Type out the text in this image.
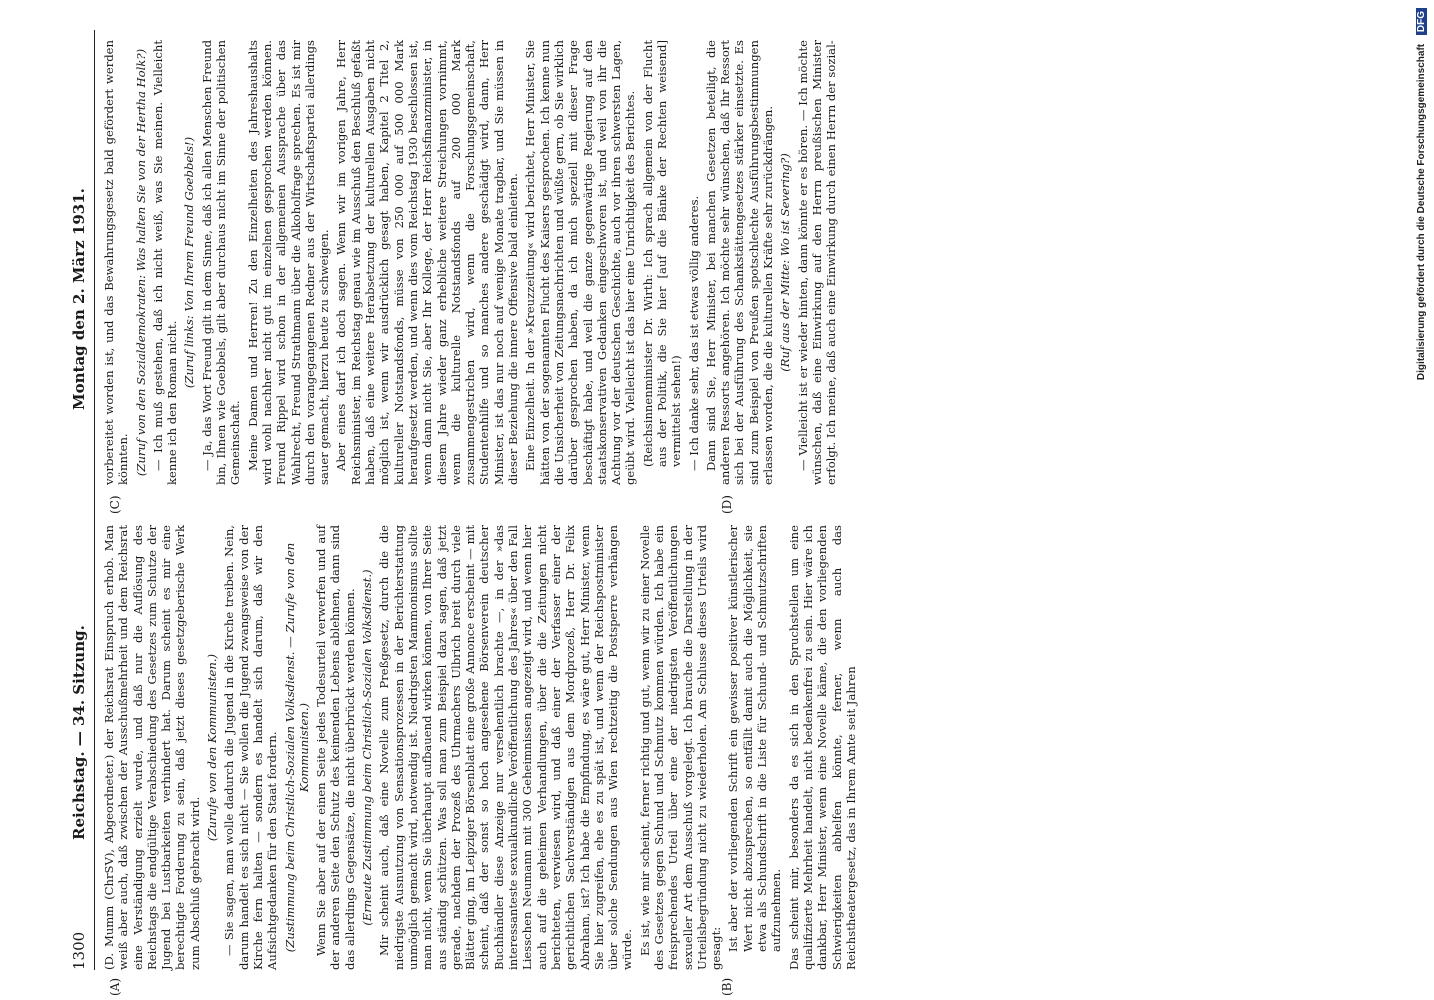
1300
Reichstag. — 34. Sitzung.
Montag den 2. März 1931.
(A)	(B)
(C)	(D)

(D. Mumm (ChrSV), Abgeordneter.) der Reichsrat Einspruch erhob. Man weiß aber auch, daß zwischen der Ausschußmehrheit und dem Reichsrat eine Verständigung erzielt wurde, und daß nur die Auflösung des Reichstags die endgültige Verabschiedung des Gesetzes zum Schutze der Jugend bei Lustbarkeiten verhindert hat. Darum scheint es mir eine berechtigte Forderung zu sein, daß jetzt dieses gesetzgeberische Werk zum Abschluß gebracht wird.

(Zurufe von den Kommunisten.) — Sie sagen, man wolle dadurch die Jugend in die Kirche treiben. Nein, darum handelt es sich nicht — Sie wollen die Jugend zwangsweise von der Kirche fern halten — sondern es handelt sich darum, daß wir den Aufsichtgedanken für den Staat fordern. (Zustimmung beim Christlich-Sozialen Volksdienst. — Zurufe von den Kommunisten.) Wenn Sie aber auf der einen Seite jedes Todesurteil verwerfen und auf der anderen Seite den Schutz des keimenden Lebens ablehnen, dann sind das allerdings Gegensätze, die nicht überbrückt werden können. (Erneute Zustimmung beim Christlich-Sozialen Volksdienst.) Mir scheint auch, daß eine Novelle zum Preßgesetz, durch die die niedrigste Ausnutzung von Sensationsprozessen in der Berichterstattung unmöglich gemacht wird, notwendig ist. Niedrigsten Mammonismus sollte man nicht, wenn Sie überhaupt aufbauend wirken können, von Ihrer Seite aus ständig schützen. Was soll man zum Beispiel dazu sagen, daß jetzt gerade, nachdem der Prozeß des Uhrmachers Ulbrich breit durch viele Blätter ging, im Leipziger Börsenblatt eine große Annonce erscheint — mit scheint, daß der sonst so hoch angesehene Börsenverein deutscher Buchhändler diese Anzeige nur versehentlich brachte —, in der »das interessanteste sexualkundliche Veröffentlichung des Jahres« über den Fall Liesschen Neumann mit 300 Geheimnissen angezeigt wird, und wenn hier auch auf die geheimen Verhandlungen, über die die Zeitungen nicht berichteten, verwiesen wird, und daß einer der Verfasser einer der gerichtlichen Sachverständigen aus dem Mordprozeß, Herr Dr. Felix Abraham, ist? Ich habe die Empfindung, es wäre gut, Herr Minister, wenn Sie hier zugreifen, ehe es zu spät ist, und wenn der Reichspostminister über solche Sendungen aus Wien rechtzeitig die Postsperre verhängen würde. Es ist, wie mir scheint, ferner richtig und gut, wenn wir zu einer Novelle des Gesetzes gegen Schund und Schmutz kommen würden. Ich habe ein freisprechendes Urteil über eine der niedrigsten Veröffentlichungen sexueller Art dem Ausschuß vorgelegt. Ich brauche die Darstellung in der Urteilsbegründung nicht zu wiederholen. Am Schlusse dieses Urteils wird gesagt: Ist aber der vorliegenden Schrift ein gewisser positiver künstlerischer Wert nicht abzusprechen, so entfällt damit auch die Möglichkeit, sie etwa als Schundschrift in die Liste für Schund- und Schmutzschriften aufzunehmen. Das scheint mir, besonders da es sich in den Spruchstellen um eine qualifizierte Mehrheit handelt, nicht bedenkenfrei zu sein. Hier wäre ich dankbar, Herr Minister, wenn eine Novelle käme, die den vorliegenden Schwierigkeiten abhelfen könnte, ferner, wenn auch das Reichstheatergesetz, das in Ihrem Amte seit Jahren

vorbereitet worden ist, und das Bewahrungsgesetz bald gefördert werden könnten. (Zuruf von den Sozialdemokraten: Was halten Sie von der Hertha Holk?) — Ich muß gestehen, daß ich nicht weiß, was Sie meinen. Vielleicht kenne ich den Roman nicht.

(Zuruf links: Von Ihrem Freund Goebbels!) — Ja, das Wort Freund gilt in dem Sinne, daß ich allen Menschen Freund bin, Ihnen wie Goebbels, gilt aber durchaus nicht im Sinne der politischen Gemeinschaft. Meine Damen und Herren! Zu den Einzelheiten des Jahreshaushalts wird wohl nachher nicht gut im einzelnen gesprochen werden können. Freund Rippel wird schon in der allgemeinen Aussprache über das Wahlrecht, Freund Strathmann über die Alkoholfrage sprechen. Es ist mir durch den vorangegangenen Redner aus der Wirtschaftspartei allerdings sauer gemacht, hierzu heute zu schweigen. Aber eines darf ich doch sagen. Wenn wir im vorigen Jahre, Herr Reichsminister, im Reichstag genau wie im Ausschuß den Beschluß gefaßt haben, daß eine weitere Herabsetzung der kulturellen Ausgaben nicht möglich ist, wenn wir ausdrücklich gesagt haben, Kapitel 2 Titel 2, kultureller Notstandsfonds, müsse von 250 000 auf 500 000 Mark heraufgesetzt werden, und wenn dies vom Reichstag 1930 beschlossen ist, wenn dann nicht Sie, aber Ihr Kollege, der Herr Reichsfinanzminister, in diesem Jahre wieder ganz erhebliche weitere Streichungen vornimmt, wenn die kulturelle Notstandsfonds auf 200 000 Mark zusammengestrichen wird, wenn die Forschungsgemeinschaft, Studentenhilfe und so manches andere geschädigt wird, dann, Herr Minister, ist das nur noch auf wenige Monate tragbar, und Sie müssen in dieser Beziehung die innere Offensive bald einleiten. Eine Einzelheit. In der »Kreuzzeitung« wird berichtet, Herr Minister, Sie hätten von der sogenannten Flucht des Kaisers gesprochen. Ich kenne nun die Unsicherheit von Zeitungsnachrichten und wüßte gern, ob Sie wirklich darüber gesprochen haben, da ich mich speziell mit dieser Frage beschäftigt habe, und weil die ganze gegenwärtige Regierung auf den staatskonservativen Gedanken eingeschworen ist, und weil von ihr die Achtung vor der deutschen Geschichte, auch vor ihren schwersten Lagen, geübt wird. Vielleicht ist das hier eine Unrichtigkeit des Berichtes. (Reichsinnenminister Dr. Wirth: Ich sprach allgemein von der Flucht aus der Politik, die Sie hier [auf die Bänke der Rechten weisend] vermittelst sehen!) — Ich danke sehr, das ist etwas völlig anderes. Dann sind Sie, Herr Minister, bei manchen Gesetzen beteiligt, die anderen Ressorts angehören. Ich möchte sehr wünschen, daß Ihr Ressort sich bei der Ausführung des Schankstättengesetzes stärker einsetzte. Es sind zum Beispiel von Preußen spotschlechte Ausführungsbestimmungen erlassen worden, die die kulturellen Kräfte sehr zurückdrängen. (Ruf aus der Mitte: Wo ist Severing?) — Vielleicht ist er wieder hinten, dann könnte er es hören. — Ich möchte wünschen, daß eine Einwirkung auf den Herrn preußischen Minister erfolgt. Ich meine, daß auch eine Einwirkung durch einen Herrn der sozial-	Digitalisierung gefördert durch die Deutsche Forschungsgemeinschaft DFG
